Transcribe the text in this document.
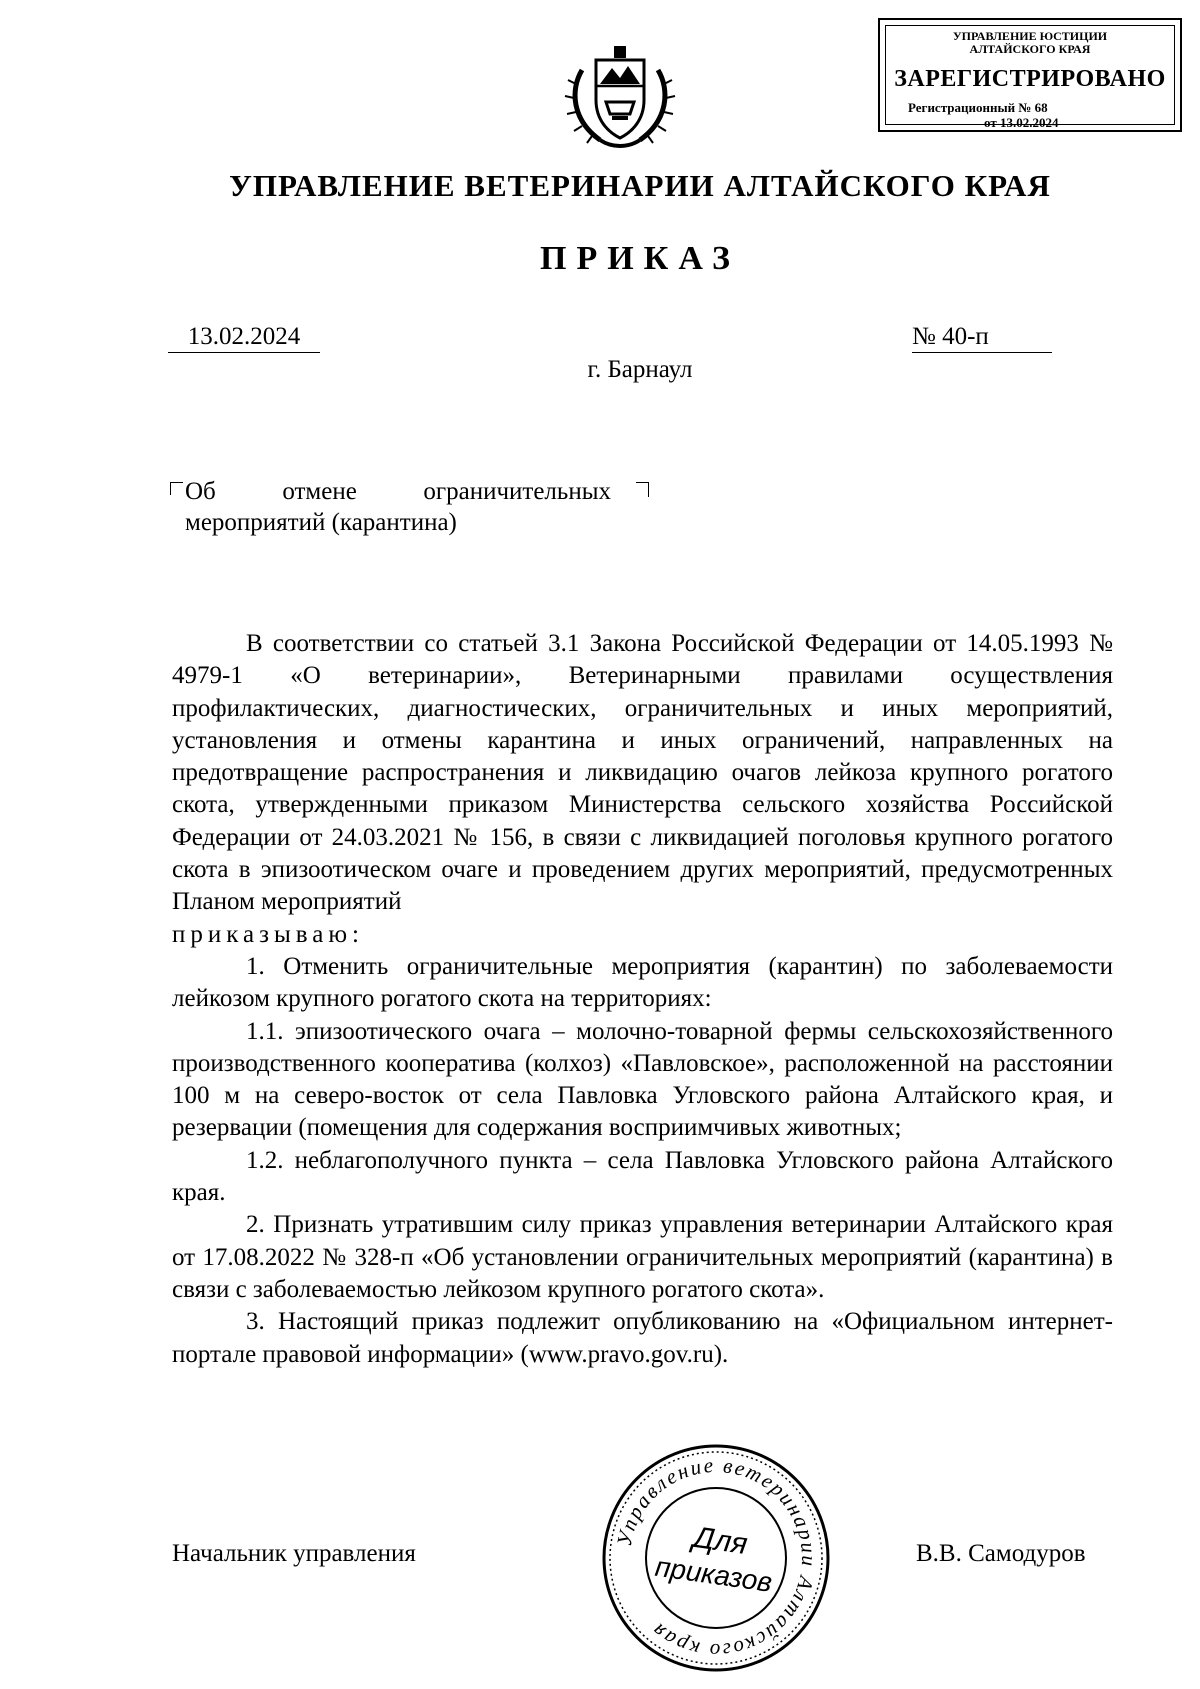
УПРАВЛЕНИЕ ЮСТИЦИИ
АЛТАЙСКОГО КРАЯ
ЗАРЕГИСТРИРОВАНО
Регистрационный № 68
от 13.02.2024
УПРАВЛЕНИЕ ВЕТЕРИНАРИИ АЛТАЙСКОГО КРАЯ
ПРИКАЗ
13.02.2024	№ 40-п
г. Барнаул
Об отмене ограничительных
мероприятий (карантина)

В соответствии со статьей 3.1 Закона Российской Федерации от 14.05.1993 № 4979-1 «О ветеринарии», Ветеринарными правилами осуществления профилактических, диагностических, ограничительных и иных мероприятий, установления и отмены карантина и иных ограничений, направленных на предотвращение распространения и ликвидацию очагов лейкоза крупного рогатого скота, утвержденными приказом Министерства сельского хозяйства Российской Федерации от 24.03.2021 № 156, в связи с ликвидацией поголовья крупного рогатого скота в эпизоотическом очаге и проведением других мероприятий, предусмотренных Планом мероприятий

приказываю:

1. Отменить ограничительные мероприятия (карантин) по заболеваемости лейкозом крупного рогатого скота на территориях:

1.1. эпизоотического очага – молочно-товарной фермы сельскохозяйственного производственного кооператива (колхоз) «Павловское», расположенной на расстоянии 100 м на северо-восток от села Павловка Угловского района Алтайского края, и резервации (помещения для содержания восприимчивых животных;

1.2. неблагополучного пункта – села Павловка Угловского района Алтайского края.

2. Признать утратившим силу приказ управления ветеринарии Алтайского края от 17.08.2022 № 328-п «Об установлении ограничительных мероприятий (карантина) в связи с заболеваемостью лейкозом крупного рогатого скота».

3. Настоящий приказ подлежит опубликованию на «Официальном интернет-портале правовой информации» (www.pravo.gov.ru).

Начальник управления	В.В. Самодуров
Управление ветеринарии Алтайского края
Для
приказов
